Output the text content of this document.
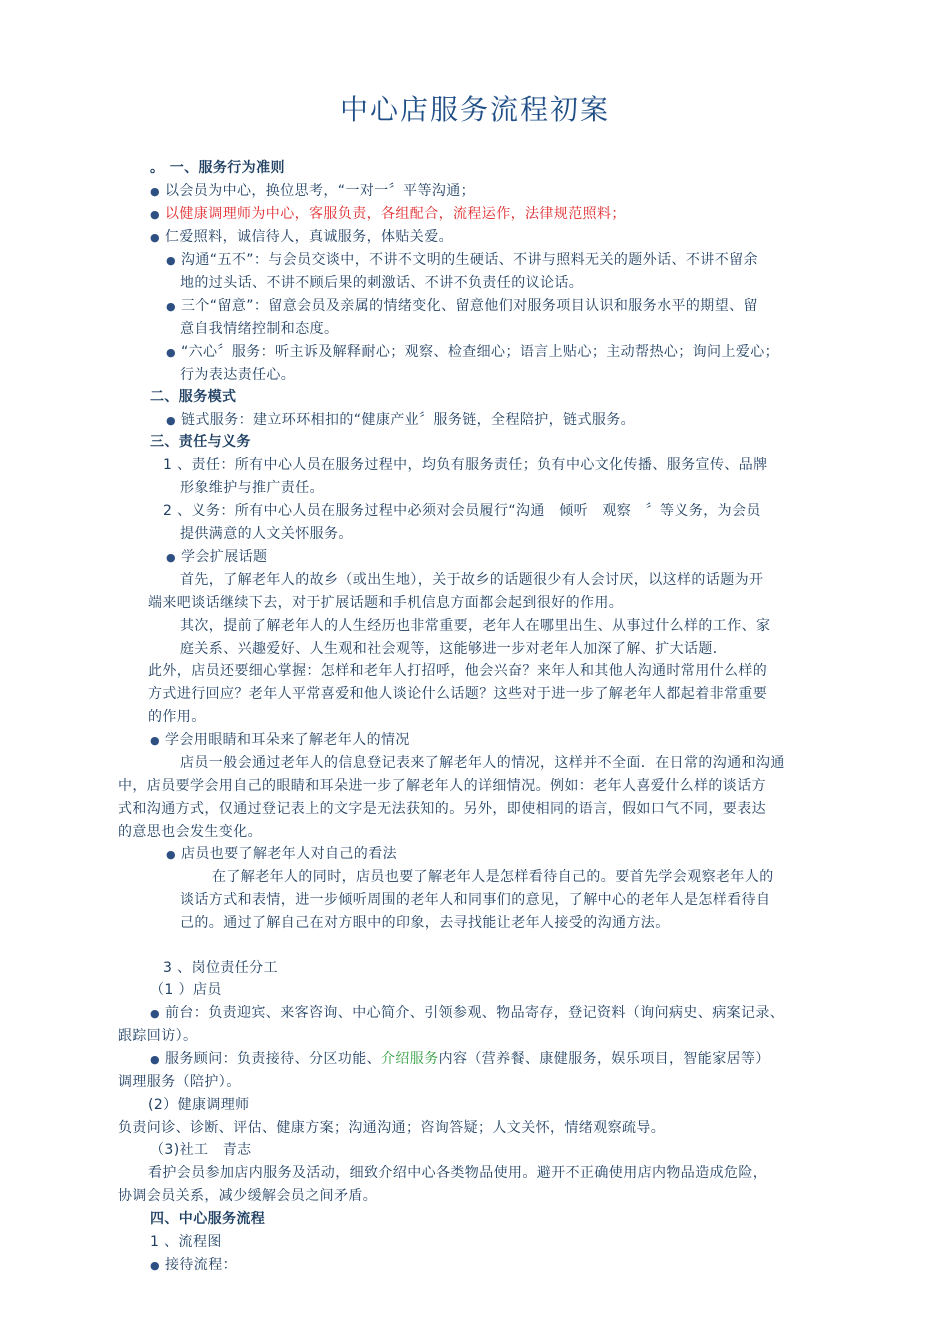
中心店服务流程初案
。 一、服务行为准则
● 以会员为中心，换位思考，“一对一〞平等沟通；
● 以健康调理师为中心，客服负责，各组配合，流程运作，法律规范照料；
● 仁爱照料，诚信待人，真诚服务，体贴关爱。
● 沟通“五不”：与会员交谈中，不讲不文明的生硬话、不讲与照料无关的题外话、不讲不留余
地的过头话、不讲不顾后果的刺激话、不讲不负责任的议论话。
● 三个“留意”：留意会员及亲属的情绪变化、留意他们对服务项目认识和服务水平的期望、留
意自我情绪控制和态度。
● “六心〞服务：听主诉及解释耐心；观察、检查细心；语言上贴心；主动帮热心；询问上爱心；
行为表达责任心。
二、服务模式
● 链式服务：建立环环相扣的“健康产业〞服务链，全程陪护，链式服务。
三、责任与义务
1 、责任：所有中心人员在服务过程中，均负有服务责任；负有中心文化传播、服务宣传、品牌
形象维护与推广责任。
2 、义务：所有中心人员在服务过程中必须对会员履行“沟通　倾听　观察　〞等义务，为会员
提供满意的人文关怀服务。
● 学会扩展话题
首先，了解老年人的故乡（或出生地），关于故乡的话题很少有人会讨厌，以这样的话题为开
端来吧谈话继续下去，对于扩展话题和手机信息方面都会起到很好的作用。
其次，提前了解老年人的人生经历也非常重要，老年人在哪里出生、从事过什么样的工作、家
庭关系、兴趣爱好、人生观和社会观等，这能够进一步对老年人加深了解、扩大话题．
此外，店员还要细心掌握：怎样和老年人打招呼，他会兴奋？来年人和其他人沟通时常用什么样的
方式进行回应？老年人平常喜爱和他人谈论什么话题？这些对于进一步了解老年人都起着非常重要
的作用。
● 学会用眼睛和耳朵来了解老年人的情况
店员一般会通过老年人的信息登记表来了解老年人的情况，这样并不全面．在日常的沟通和沟通
中，店员要学会用自己的眼睛和耳朵进一步了解老年人的详细情况。例如：老年人喜爱什么样的谈话方
式和沟通方式，仅通过登记表上的文字是无法获知的。另外，即使相同的语言，假如口气不同，要表达
的意思也会发生变化。
● 店员也要了解老年人对自己的看法
在了解老年人的同时，店员也要了解老年人是怎样看待自己的。要首先学会观察老年人的
谈话方式和表情，进一步倾听周围的老年人和同事们的意见，了解中心的老年人是怎样看待自
己的。通过了解自己在对方眼中的印象，去寻找能让老年人接受的沟通方法。
3 、岗位责任分工
（1 ）店员
● 前台：负责迎宾、来客咨询、中心简介、引领参观、物品寄存，登记资料（询问病史、病案记录、
跟踪回访）。
● 服务顾问：负责接待、分区功能、介绍服务内容（营养餐、康健服务，娱乐项目，智能家居等）
调理服务（陪护）。
(2）健康调理师
负责问诊、诊断、评估、健康方案；沟通沟通；咨询答疑；人文关怀，情绪观察疏导。
（3)社工　青志
看护会员参加店内服务及活动，细致介绍中心各类物品使用。避开不正确使用店内物品造成危险，
协调会员关系，减少缓解会员之间矛盾。
四、中心服务流程
1 、流程图
● 接待流程：
